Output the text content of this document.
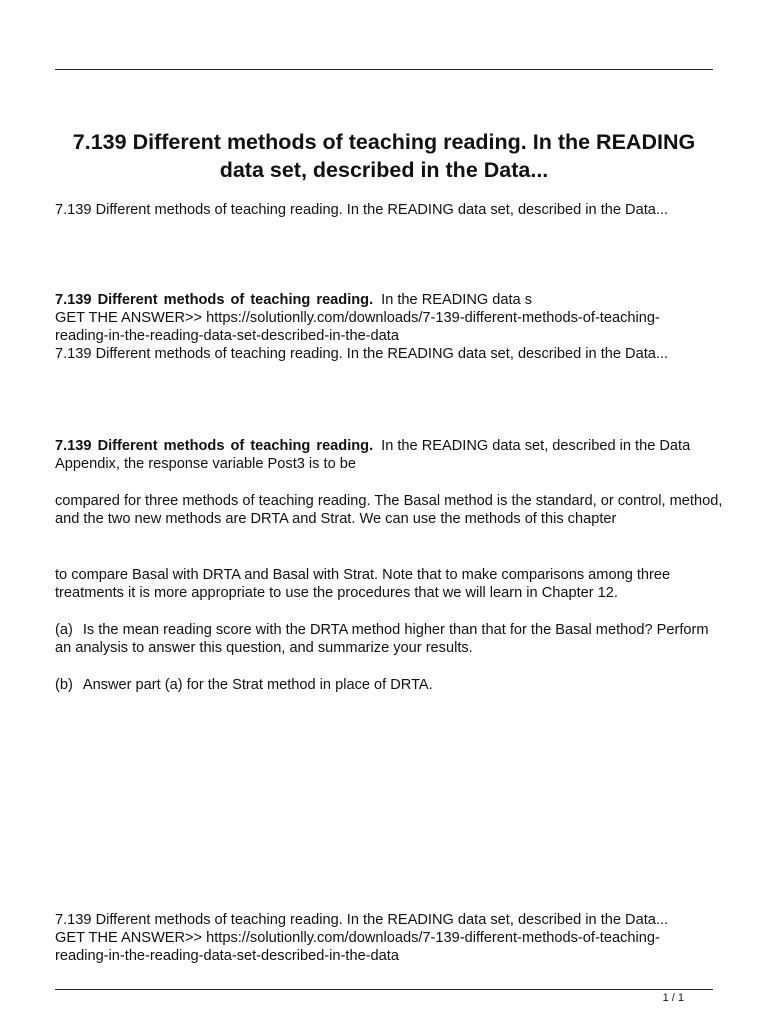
7.139 Different methods of teaching reading. In the READING data set, described in the Data...

7.139 Different methods of teaching reading. In the READING data set, described in the Data...

7.139 Different methods of teaching reading. In the READING data s
GET THE ANSWER>> https://solutionlly.com/downloads/7-139-different-methods-of-teaching-
reading-in-the-reading-data-set-described-in-the-data
7.139 Different methods of teaching reading. In the READING data set, described in the Data...
7.139 Different methods of teaching reading. In the READING data set, described in the Data Appendix, the response variable Post3 is to be

compared for three methods of teaching reading. The Basal method is the standard, or control, method, and the two new methods are DRTA and Strat. We can use the methods of this chapter

to compare Basal with DRTA and Basal with Strat. Note that to make comparisons among three treatments it is more appropriate to use the procedures that we will learn in Chapter 12.

(a) Is the mean reading score with the DRTA method higher than that for the Basal method? Perform an analysis to answer this question, and summarize your results.
(b) Answer part (a) for the Strat method in place of DRTA.
7.139 Different methods of teaching reading. In the READING data set, described in the Data...
GET THE ANSWER>> https://solutionlly.com/downloads/7-139-different-methods-of-teaching-
reading-in-the-reading-data-set-described-in-the-data
1 / 1
